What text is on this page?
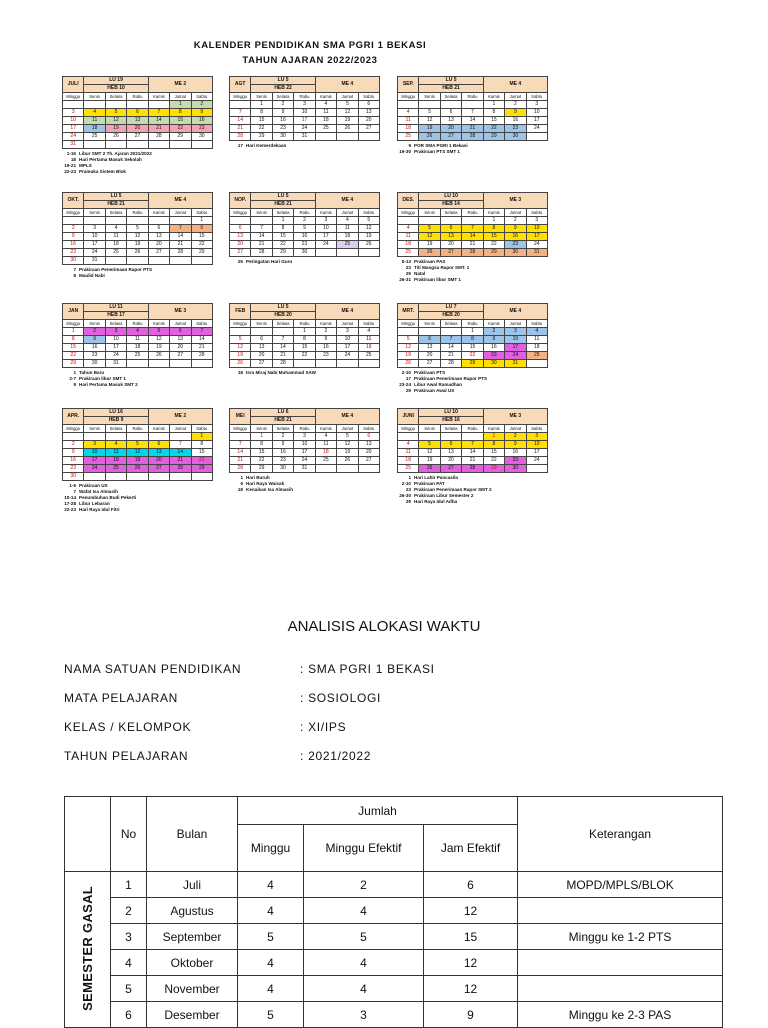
KALENDER PENDIDIKAN SMA PGRI 1 BEKASI
TAHUN AJARAN 2022/2023
JULI	LU 19			ME 2		
	HEB 10					
Minggu	Senin	Selasa	Rabu	Kamis	Jumat	Sabtu
					1	2
3	4	5	6	7	8	9
10	11	12	13	14	15	16
17	18	19	20	21	22	23
24	25	26	27	28	29	30
31						
1-16 Libur SMT 2 Th. Ajaran 2021/2022
18 Hari Pertama Masuk Sekolah
19-21 MPLS
22-23 Pramuka Sistem Blok
AGT	LU 5			ME 4		
	HEB 22					
Minggu	Senin	Selasa	Rabu	Kamis	Jumat	Sabtu
	1	2	3	4	5	6
7	8	9	10	11	12	13
14	15	16	17	18	19	20
21	22	23	24	25	26	27
28	29	30	31			
17 Hari Kemerdekaan
SEP.	LU 5			ME 4		
	HEB 21					
Minggu	Senin	Selasa	Rabu	Kamis	Jumat	Sabtu
				1	2	3
4	5	6	7	8	9	10
11	12	13	14	15	16	17
18	19	20	21	22	23	24
25	26	27	28	29	30	
9 POR SMA PGRI 1 Bekasi
19-30 Prakiraan PTS SMT 1
OKT.	LU 5			ME 4		
	HEB 21					
Minggu	Senin	Selasa	Rabu	Kamis	Jumat	Sabtu
						1
2	3	4	5	6	7	8
9	10	11	12	13	14	15
16	17	18	19	20	21	22
23	24	25	26	27	28	29
30	31					
7 Prakiraan Penerimaan Rapor PTS
8 Maulid Nabi
NOP.	LU 5			ME 4		
	HEB 21					
Minggu	Senin	Selasa	Rabu	Kamis	Jumat	Sabtu
		1	2	3	4	5
6	7	8	9	10	11	12
13	14	15	16	17	18	19
20	21	22	23	24	25	26
27	28	29	30			
25 Peringatan Hari Guru
DES.	LU 10			ME 3		
	HEB 14					
Minggu	Senin	Selasa	Rabu	Kamis	Jumat	Sabtu
				1	2	3
4	5	6	7	8	9	10
11	12	13	14	15	16	17
18	19	20	21	22	23	24
25	26	27	28	29	30	31
5-13 Prakiraan PAS
23 Titi Mangsa Rapor SMT. 1
25 Natal
26-31 Prakiraan libur SMT 1
JAN	LU 11			ME 3		
	HEB 17					
Minggu	Senin	Selasa	Rabu	Kamis	Jumat	Sabtu
1	2	3	4	5	6	7
8	9	10	11	12	13	14
15	16	17	18	19	20	21
22	23	24	25	26	27	28
29	30	31				
1 Tahun Baru
2-7 Prakiraan libur SMT 1
9 Hari Pertama Masuk SMT 2
FEB	LU 5			ME 4		
	HEB 20					
Minggu	Senin	Selasa	Rabu	Kamis	Jumat	Sabtu
			1	2	3	4
5	6	7	8	9	10	11
12	13	14	15	16	17	18
19	20	21	22	23	24	25
26	27	28				
18 Isra Miraj Nabi Muhammad SAW
MRT.	LU 7			ME 4		
	HEB 20					
Minggu	Senin	Selasa	Rabu	Kamis	Jumat	Sabtu
			1	2	3	4
5	6	7	8	9	10	11
12	13	14	15	16	17	18
19	20	21	22	23	24	25
26	27	28	29	30	31	
2-10 Prakiraan PTS
17 Prakiraan Penerimaan Rapor PTS
23-24 Libur Awal Ramadhan
29 Prakiraan Awal US
APR.	LU 16			ME 2		
	HEB 9					
Minggu	Senin	Selasa	Rabu	Kamis	Jumat	Sabtu
						1
2	3	4	5	6	7	8
9	10	11	12	13	14	15
16	17	18	19	20	21	22
23	24	25	26	27	28	29
30						
1-6 Prakiraan US
7 Wafat Isa Almasih
10-14 Penumbuhan Budi Pekerti
17-28 Libur Lebaran
22-23 Hari Raya Idul Fitri
MEI	LU 6			ME 4		
	HEB 21					
Minggu	Senin	Selasa	Rabu	Kamis	Jumat	Sabtu
	1	2	3	4	5	6
7	8	9	10	11	12	13
14	15	16	17	18	19	20
21	22	23	24	25	26	27
28	29	30	31			
1 Hari Buruh
6 Hari Raya Waisak
18 Kenaikan Isa Almasih
JUNI	LU 10			ME 3		
	HEB 16					
Minggu	Senin	Selasa	Rabu	Kamis	Jumat	Sabtu
				1	2	3
4	5	6	7	8	9	10
11	12	13	14	15	16	17
18	19	20	21	22	23	24
25	26	27	28	29	30	
1 Hari Lahir Pancasila
2-10 Prakiraan PAT
23 Prakiraan Penerimaan Rapor SMT 2
26-30 Prakiraan Libur Semester 2
29 Hari Raya Idul Adha
ANALISIS ALOKASI WAKTU
NAMA SATUAN PENDIDIKAN	: SMA PGRI 1 BEKASI
MATA PELAJARAN	: SOSIOLOGI
KELAS / KELOMPOK	: XI/IPS
TAHUN PELAJARAN	: 2021/2022
	No	Bulan	Jumlah			Keterangan
			Minggu	Minggu Efektif	Jam Efektif	
SEMESTER GASAL	1	Juli	4	2	6	MOPD/MPLS/BLOK
	2	Agustus	4	4	12	
	3	September	5	5	15	Minggu ke 1-2 PTS
	4	Oktober	4	4	12	
	5	November	4	4	12	
	6	Desember	5	3	9	Minggu ke 2-3 PAS
